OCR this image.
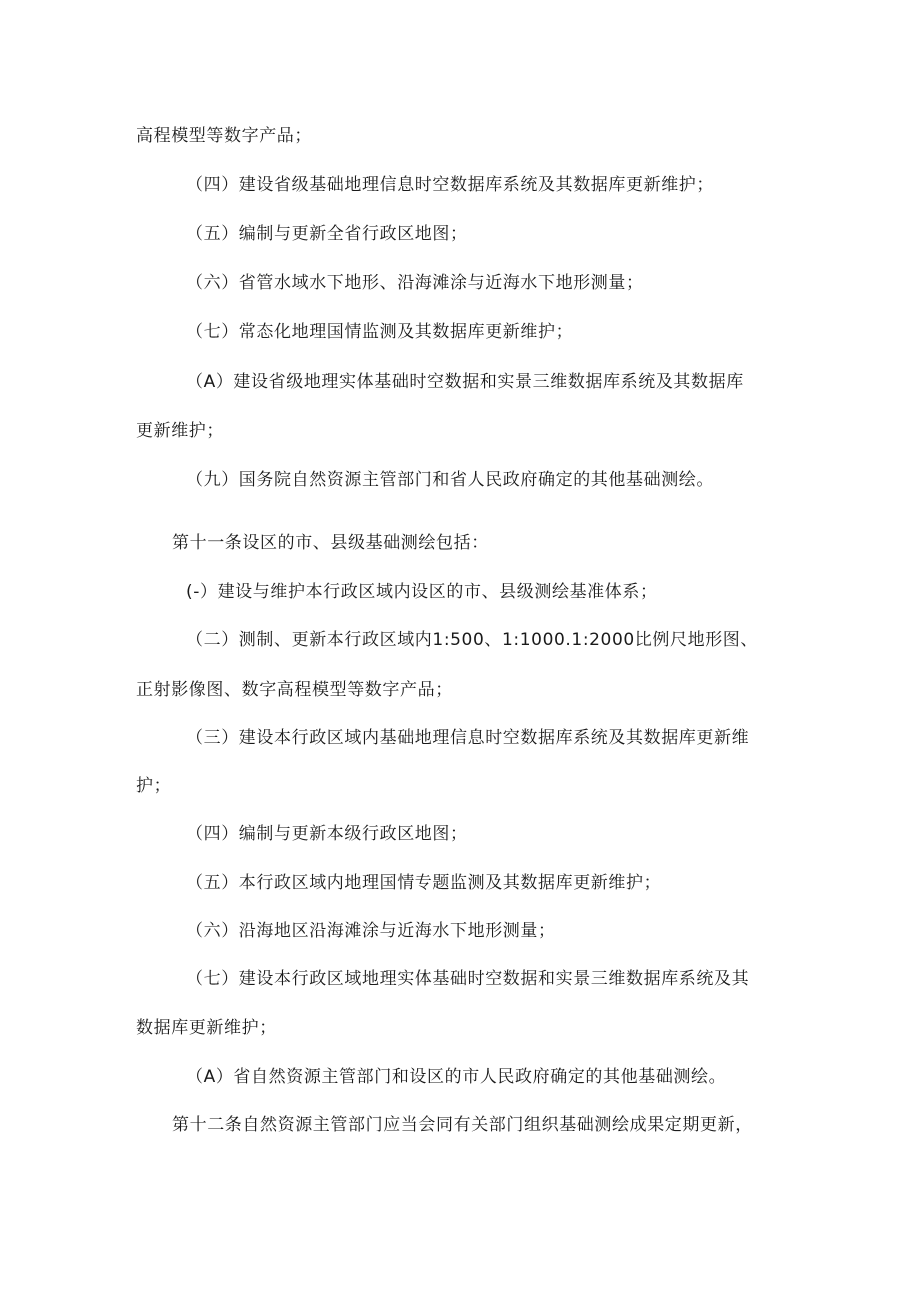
高程模型等数字产品；
（四）建设省级基础地理信息时空数据库系统及其数据库更新维护；
（五）编制与更新全省行政区地图；
（六）省管水域水下地形、沿海滩涂与近海水下地形测量；
（七）常态化地理国情监测及其数据库更新维护；
（A）建设省级地理实体基础时空数据和实景三维数据库系统及其数据库
更新维护；
（九）国务院自然资源主管部门和省人民政府确定的其他基础测绘。
第十一条设区的市、县级基础测绘包括：
(-）建设与维护本行政区域内设区的市、县级测绘基准体系；
（二）测制、更新本行政区域内1:500、1:1000.1:2000比例尺地形图、
正射影像图、数字高程模型等数字产品；
（三）建设本行政区域内基础地理信息时空数据库系统及其数据库更新维
护；
（四）编制与更新本级行政区地图；
（五）本行政区域内地理国情专题监测及其数据库更新维护；
（六）沿海地区沿海滩涂与近海水下地形测量；
（七）建设本行政区域地理实体基础时空数据和实景三维数据库系统及其
数据库更新维护；
（A）省自然资源主管部门和设区的市人民政府确定的其他基础测绘。
第十二条自然资源主管部门应当会同有关部门组织基础测绘成果定期更新，
